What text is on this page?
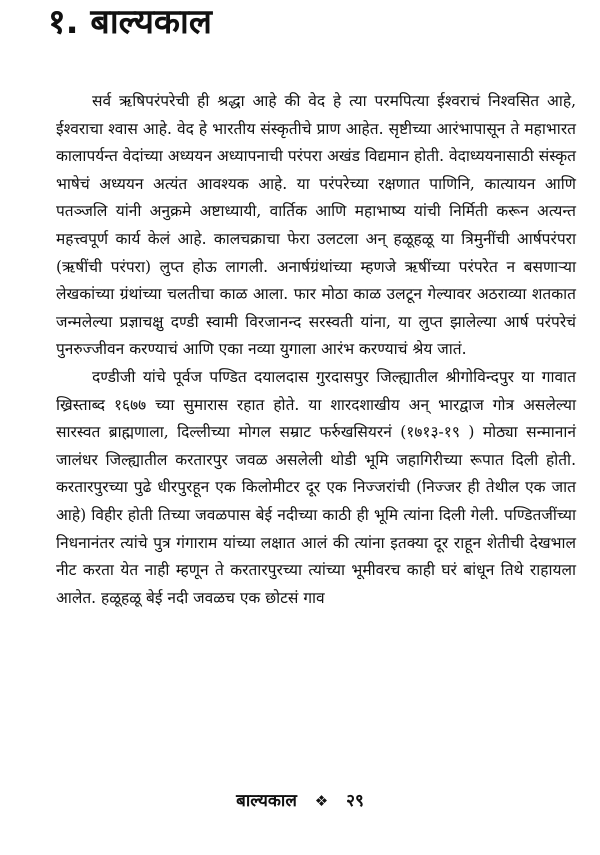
१. बाल्यकाल

सर्व ऋषिपरंपरेची ही श्रद्धा आहे की वेद हे त्या परमपित्या ईश्वराचं निश्वसित आहे, ईश्वराचा श्वास आहे. वेद हे भारतीय संस्कृतीचे प्राण आहेत. सृष्टीच्या आरंभापासून ते महाभारत कालापर्यन्त वेदांच्या अध्ययन अध्यापनाची परंपरा अखंड विद्यमान होती. वेदाध्ययनासाठी संस्कृत भाषेचं अध्ययन अत्यंत आवश्यक आहे. या परंपरेच्या रक्षणात पाणिनि, कात्यायन आणि पतञ्जलि यांनी अनुक्रमे अष्टाध्यायी, वार्तिक आणि महाभाष्य यांची निर्मिती करून अत्यन्त महत्त्वपूर्ण कार्य केलं आहे. कालचक्राचा फेरा उलटला अन् हळूहळू या त्रिमुनींची आर्षपरंपरा (ऋषींची परंपरा) लुप्त होऊ लागली. अनार्षग्रंथांच्या म्हणजे ऋषींच्या परंपरेत न बसणाऱ्या लेखकांच्या ग्रंथांच्या चलतीचा काळ आला. फार मोठा काळ उलटून गेल्यावर अठराव्या शतकात जन्मलेल्या प्रज्ञाचक्षु दण्डी स्वामी विरजानन्द सरस्वती यांना, या लुप्त झालेल्या आर्ष परंपरेचं पुनरुज्जीवन करण्याचं आणि एका नव्या युगाला आरंभ करण्याचं श्रेय जातं.

दण्डीजी यांचे पूर्वज पण्डित दयालदास गुरदासपुर जिल्ह्यातील श्रीगोविन्दपुर या गावात ख्रिस्ताब्द १६७७ च्या सुमारास रहात होते. या शारदशाखीय अन् भारद्वाज गोत्र असलेल्या सारस्वत ब्राह्मणाला, दिल्लीच्या मोगल सम्राट फर्रुखसियरनं (१७१३-१९ ) मोठ्या सन्मानानं जालंधर जिल्ह्यातील करतारपुर जवळ असलेली थोडी भूमि जहागिरीच्या रूपात दिली होती. करतारपुरच्या पुढे धीरपुरहून एक किलोमीटर दूर एक निज्जरांची (निज्जर ही तेथील एक जात आहे) विहीर होती तिच्या जवळपास बेई नदीच्या काठी ही भूमि त्यांना दिली गेली. पण्डितजींच्या निधनानंतर त्यांचे पुत्र गंगाराम यांच्या लक्षात आलं की त्यांना इतक्या दूर राहून शेतीची देखभाल नीट करता येत नाही म्हणून ते करतारपुरच्या त्यांच्या भूमीवरच काही घरं बांधून तिथे राहायला आलेत. हळूहळू बेई नदी जवळच एक छोटसं गाव

बाल्यकाल ❖ २९
